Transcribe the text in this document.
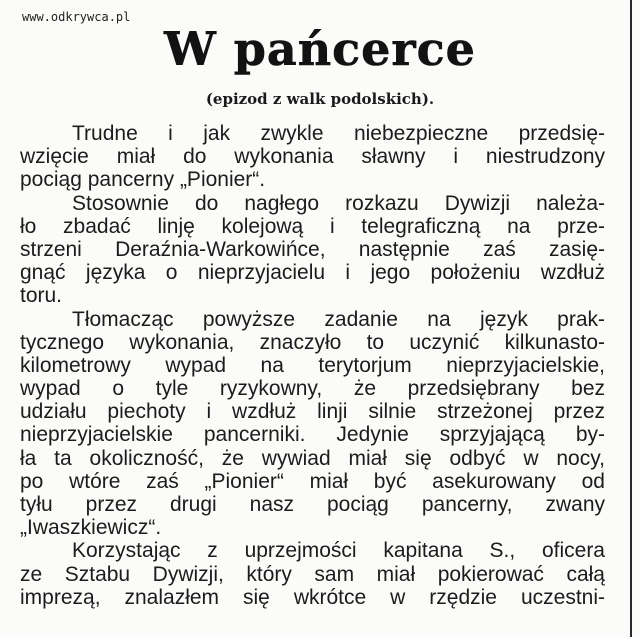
www.odkrywca.pl
W pańcerce
(epizod z walk podolskich).
Trudne i jak zwykle niebezpieczne przedsię-
wzięcie miał do wykonania sławny i niestrudzony
pociąg pancerny „Pionier“.
Stosownie do nagłego rozkazu Dywizji należa-
ło zbadać linję kolejową i telegraficzną na prze-
strzeni Deraźnia-Warkowińce, następnie zaś zasię-
gnąć języka o nieprzyjacielu i jego położeniu wzdłuż
toru.
Tłomacząc powyższe zadanie na język prak-
tycznego wykonania, znaczyło to uczynić kilkunasto-
kilometrowy wypad na terytorjum nieprzyjacielskie,
wypad o tyle ryzykowny, że przedsiębrany bez
udziału piechoty i wzdłuż linji silnie strzeżonej przez
nieprzyjacielskie pancerniki. Jedynie sprzyjającą by-
ła ta okoliczność, że wywiad miał się odbyć w nocy,
po wtóre zaś „Pionier“ miał być asekurowany od
tyłu przez drugi nasz pociąg pancerny, zwany
„Iwaszkiewicz“.
Korzystając z uprzejmości kapitana S., oficera
ze Sztabu Dywizji, który sam miał pokierować całą
imprezą, znalazłem się wkrótce w rzędzie uczestni-
